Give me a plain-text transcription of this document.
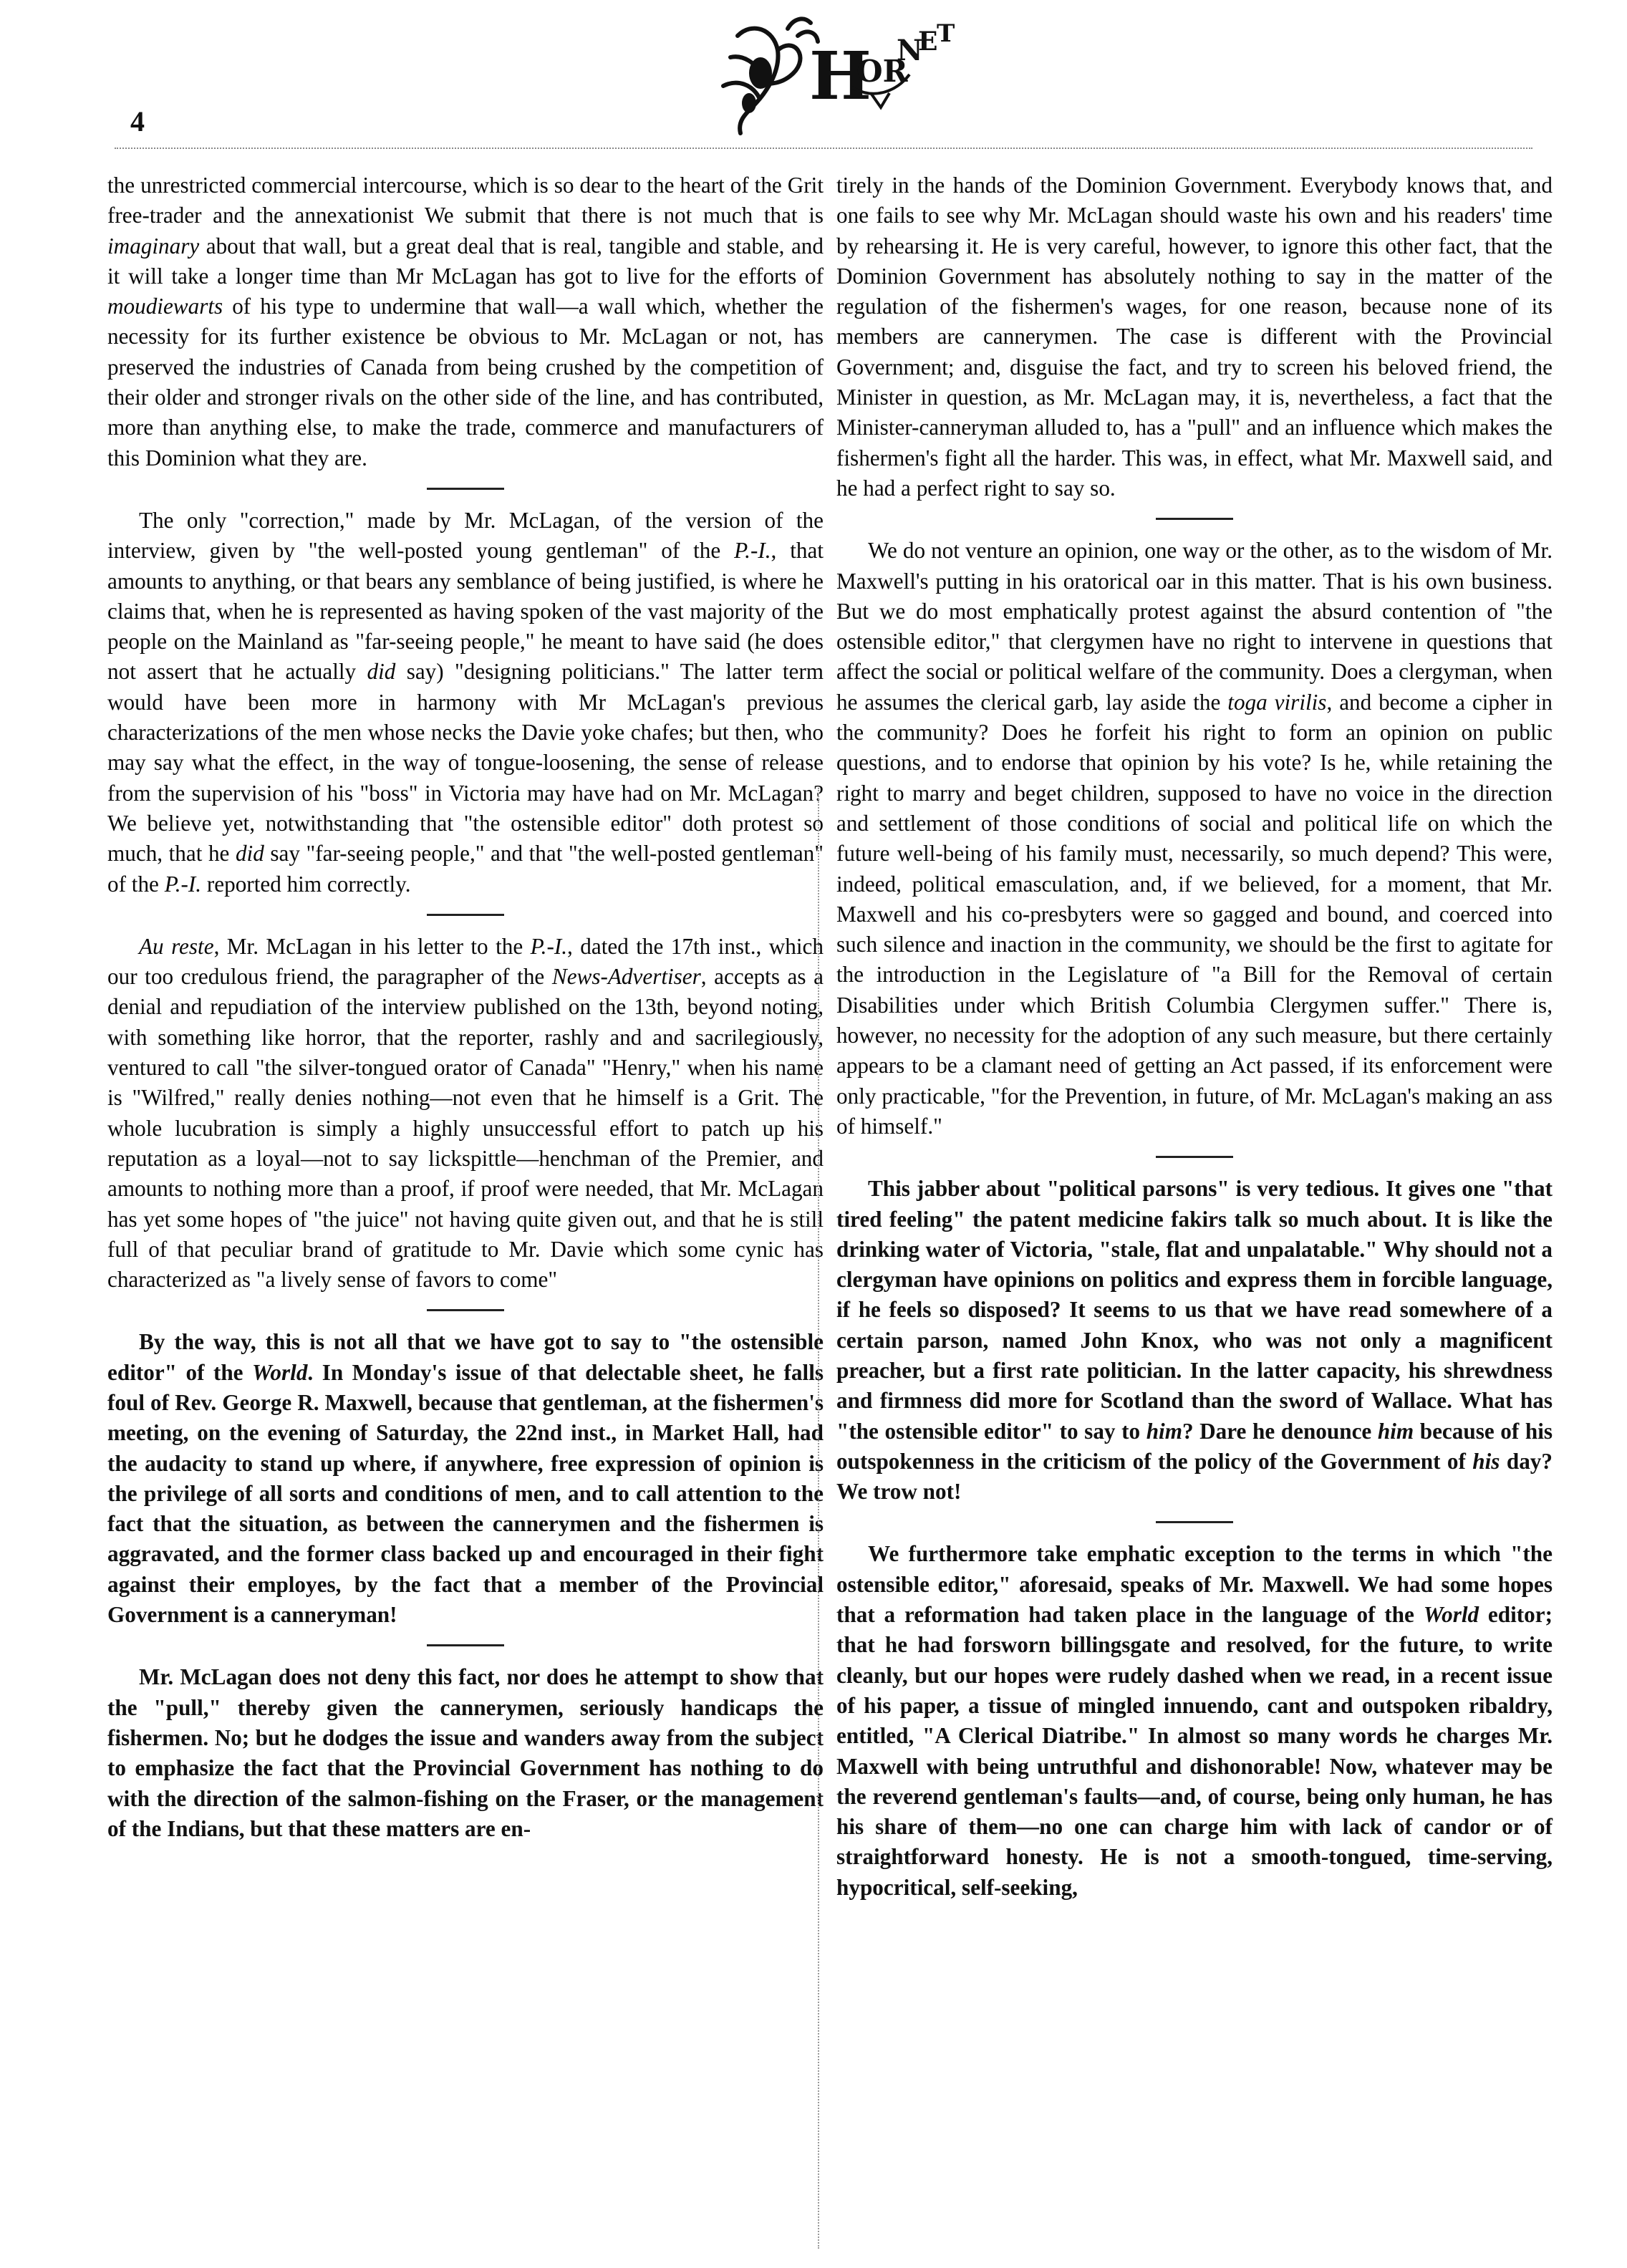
4
H
OR
N
E
T

the unrestricted commercial intercourse, which is so dear to the heart of the Grit free-trader and the annexationist We submit that there is not much that is imaginary about that wall, but a great deal that is real, tangible and stable, and it will take a longer time than Mr McLagan has got to live for the efforts of moudiewarts of his type to undermine that wall—a wall which, whether the necessity for its further existence be obvious to Mr. McLagan or not, has preserved the industries of Canada from being crushed by the competition of their older and stronger rivals on the other side of the line, and has contributed, more than anything else, to make the trade, commerce and manufacturers of this Dominion what they are.

The only "correction," made by Mr. McLagan, of the version of the interview, given by "the well-posted young gentleman" of the P.-I., that amounts to anything, or that bears any semblance of being justified, is where he claims that, when he is represented as having spoken of the vast majority of the people on the Mainland as "far-seeing people," he meant to have said (he does not assert that he actually did say) "designing politicians." The latter term would have been more in harmony with Mr McLagan's previous characterizations of the men whose necks the Davie yoke chafes; but then, who may say what the effect, in the way of tongue-loosening, the sense of release from the supervision of his "boss" in Victoria may have had on Mr. McLagan? We believe yet, notwithstanding that "the ostensible editor" doth protest so much, that he did say "far-seeing people," and that "the well-posted gentleman" of the P.-I. reported him correctly.

Au reste, Mr. McLagan in his letter to the P.-I., dated the 17th inst., which our too credulous friend, the paragrapher of the News-Advertiser, accepts as a denial and repudiation of the interview published on the 13th, beyond noting, with something like horror, that the reporter, rashly and and sacrilegiously, ventured to call "the silver-tongued orator of Canada" "Henry," when his name is "Wilfred," really denies nothing—not even that he himself is a Grit. The whole lucubration is simply a highly unsuccessful effort to patch up his reputation as a loyal—not to say lickspittle—henchman of the Premier, and amounts to nothing more than a proof, if proof were needed, that Mr. McLagan has yet some hopes of "the juice" not having quite given out, and that he is still full of that peculiar brand of gratitude to Mr. Davie which some cynic has characterized as "a lively sense of favors to come"

By the way, this is not all that we have got to say to "the ostensible editor" of the World. In Monday's issue of that delectable sheet, he falls foul of Rev. George R. Maxwell, because that gentleman, at the fishermen's meeting, on the evening of Saturday, the 22nd inst., in Market Hall, had the audacity to stand up where, if anywhere, free expression of opinion is the privilege of all sorts and conditions of men, and to call attention to the fact that the situation, as between the cannerymen and the fishermen is aggravated, and the former class backed up and encouraged in their fight against their employes, by the fact that a member of the Provincial Government is a canneryman!

Mr. McLagan does not deny this fact, nor does he attempt to show that the "pull," thereby given the cannerymen, seriously handicaps the fishermen. No; but he dodges the issue and wanders away from the subject to emphasize the fact that the Provincial Government has nothing to do with the direction of the salmon-fishing on the Fraser, or the management of the Indians, but that these matters are en-

tirely in the hands of the Dominion Government. Everybody knows that, and one fails to see why Mr. McLagan should waste his own and his readers' time by rehearsing it. He is very careful, however, to ignore this other fact, that the Dominion Government has absolutely nothing to say in the matter of the regulation of the fishermen's wages, for one reason, because none of its members are cannerymen. The case is different with the Provincial Government; and, disguise the fact, and try to screen his beloved friend, the Minister in question, as Mr. McLagan may, it is, nevertheless, a fact that the Minister-canneryman alluded to, has a "pull" and an influence which makes the fishermen's fight all the harder. This was, in effect, what Mr. Maxwell said, and he had a perfect right to say so.

We do not venture an opinion, one way or the other, as to the wisdom of Mr. Maxwell's putting in his oratorical oar in this matter. That is his own business. But we do most emphatically protest against the absurd contention of "the ostensible editor," that clergymen have no right to intervene in questions that affect the social or political welfare of the community. Does a clergyman, when he assumes the clerical garb, lay aside the toga virilis, and become a cipher in the community? Does he forfeit his right to form an opinion on public questions, and to endorse that opinion by his vote? Is he, while retaining the right to marry and beget children, supposed to have no voice in the direction and settlement of those conditions of social and political life on which the future well-being of his family must, necessarily, so much depend? This were, indeed, political emasculation, and, if we believed, for a moment, that Mr. Maxwell and his co-presbyters were so gagged and bound, and coerced into such silence and inaction in the community, we should be the first to agitate for the introduction in the Legislature of "a Bill for the Removal of certain Disabilities under which British Columbia Clergymen suffer." There is, however, no necessity for the adoption of any such measure, but there certainly appears to be a clamant need of getting an Act passed, if its enforcement were only practicable, "for the Prevention, in future, of Mr. McLagan's making an ass of himself."

This jabber about "political parsons" is very tedious. It gives one "that tired feeling" the patent medicine fakirs talk so much about. It is like the drinking water of Victoria, "stale, flat and unpalatable." Why should not a clergyman have opinions on politics and express them in forcible language, if he feels so disposed? It seems to us that we have read somewhere of a certain parson, named John Knox, who was not only a magnificent preacher, but a first rate politician. In the latter capacity, his shrewdness and firmness did more for Scotland than the sword of Wallace. What has "the ostensible editor" to say to him? Dare he denounce him because of his outspokenness in the criticism of the policy of the Government of his day? We trow not!

We furthermore take emphatic exception to the terms in which "the ostensible editor," aforesaid, speaks of Mr. Maxwell. We had some hopes that a reformation had taken place in the language of the World editor; that he had forsworn billingsgate and resolved, for the future, to write cleanly, but our hopes were rudely dashed when we read, in a recent issue of his paper, a tissue of mingled innuendo, cant and outspoken ribaldry, entitled, "A Clerical Diatribe." In almost so many words he charges Mr. Maxwell with being untruthful and dishonorable! Now, whatever may be the reverend gentleman's faults—and, of course, being only human, he has his share of them—no one can charge him with lack of candor or of straightforward honesty. He is not a smooth-tongued, time-serving, hypocritical, self-seeking,
